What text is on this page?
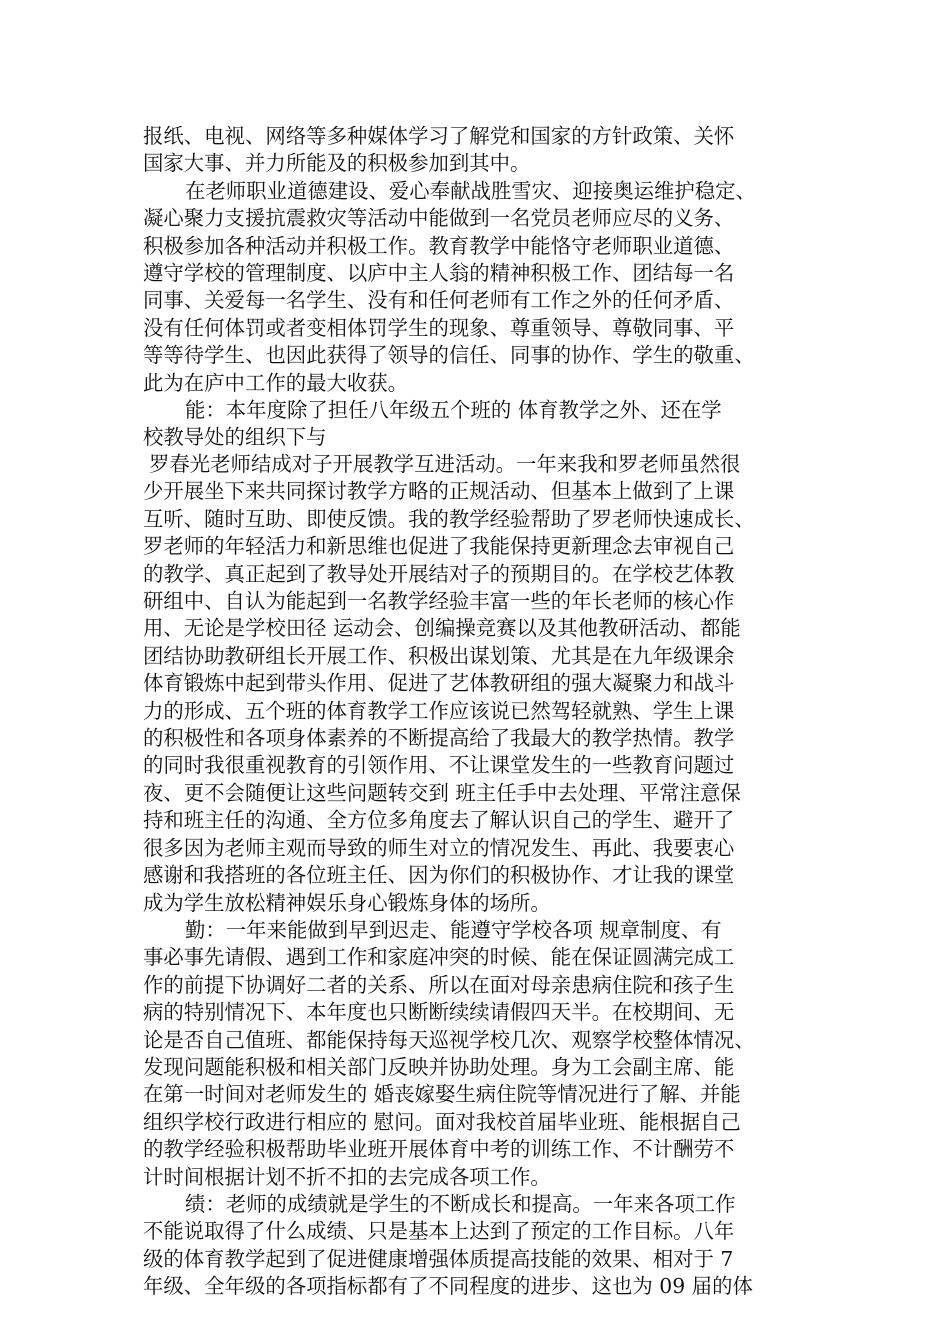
报纸、电视、网络等多种媒体学习了解党和国家的方针政策、关怀
国家大事、并力所能及的积极参加到其中。
在老师职业道德建设、爱心奉献战胜雪灾、迎接奥运维护稳定、
凝心聚力支援抗震救灾等活动中能做到一名党员老师应尽的义务、
积极参加各种活动并积极工作。教育教学中能恪守老师职业道德、
遵守学校的管理制度、以庐中主人翁的精神积极工作、团结每一名
同事、关爱每一名学生、没有和任何老师有工作之外的任何矛盾、
没有任何体罚或者变相体罚学生的现象、尊重领导、尊敬同事、平
等等待学生、也因此获得了领导的信任、同事的协作、学生的敬重、
此为在庐中工作的最大收获。
能：本年度除了担任八年级五个班的 体育教学之外、还在学
校教导处的组织下与
罗春光老师结成对子开展教学互进活动。一年来我和罗老师虽然很
少开展坐下来共同探讨教学方略的正规活动、但基本上做到了上课
互听、随时互助、即使反馈。我的教学经验帮助了罗老师快速成长、
罗老师的年轻活力和新思维也促进了我能保持更新理念去审视自己
的教学、真正起到了教导处开展结对子的预期目的。在学校艺体教
研组中、自认为能起到一名教学经验丰富一些的年长老师的核心作
用、无论是学校田径 运动会、创编操竞赛以及其他教研活动、都能
团结协助教研组长开展工作、积极出谋划策、尤其是在九年级课余
体育锻炼中起到带头作用、促进了艺体教研组的强大凝聚力和战斗
力的形成、五个班的体育教学工作应该说已然驾轻就熟、学生上课
的积极性和各项身体素养的不断提高给了我最大的教学热情。教学
的同时我很重视教育的引领作用、不让课堂发生的一些教育问题过
夜、更不会随便让这些问题转交到 班主任手中去处理、平常注意保
持和班主任的沟通、全方位多角度去了解认识自己的学生、避开了
很多因为老师主观而导致的师生对立的情况发生、再此、我要衷心
感谢和我搭班的各位班主任、因为你们的积极协作、才让我的课堂
成为学生放松精神娱乐身心锻炼身体的场所。
勤：一年来能做到早到迟走、能遵守学校各项 规章制度、有
事必事先请假、遇到工作和家庭冲突的时候、能在保证圆满完成工
作的前提下协调好二者的关系、所以在面对母亲患病住院和孩子生
病的特别情况下、本年度也只断断续续请假四天半。在校期间、无
论是否自己值班、都能保持每天巡视学校几次、观察学校整体情况、
发现问题能积极和相关部门反映并协助处理。身为工会副主席、能
在第一时间对老师发生的 婚丧嫁娶生病住院等情况进行了解、并能
组织学校行政进行相应的 慰问。面对我校首届毕业班、能根据自己
的教学经验积极帮助毕业班开展体育中考的训练工作、不计酬劳不
计时间根据计划不折不扣的去完成各项工作。
绩：老师的成绩就是学生的不断成长和提高。一年来各项工作
不能说取得了什么成绩、只是基本上达到了预定的工作目标。八年
级的体育教学起到了促进健康增强体质提高技能的效果、相对于 7
年级、全年级的各项指标都有了不同程度的进步、这也为 09 届的体
